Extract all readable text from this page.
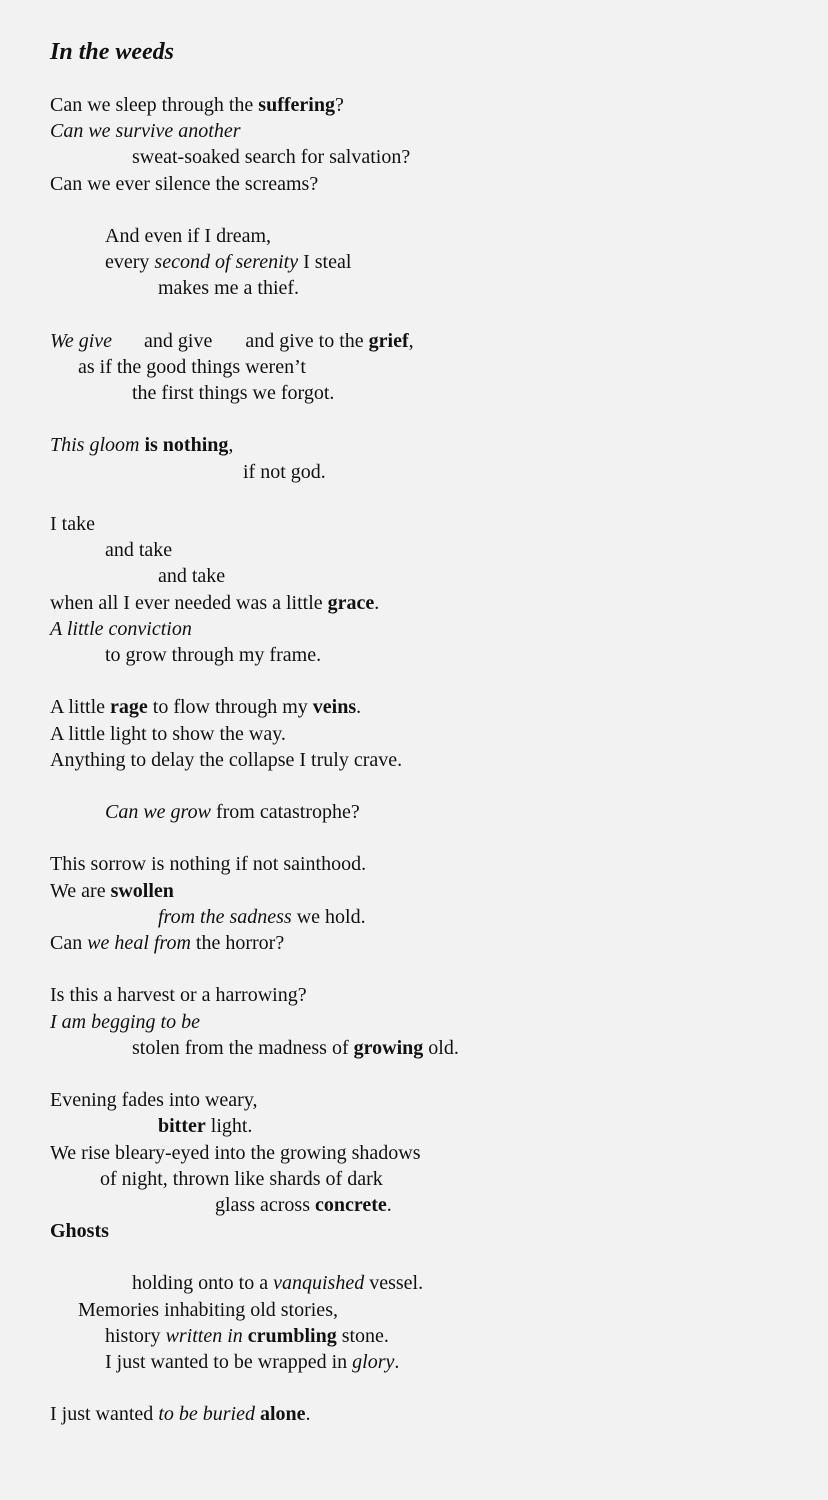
In the weeds
Can we sleep through the suffering?
Can we survive another
sweat-soaked search for salvation?
Can we ever silence the screams?
And even if I dream,
every second of serenity I steal
makes me a thief.
We give and give and give to the grief,
as if the good things weren’t
the first things we forgot.
This gloom is nothing,
if not god.
I take
and take
and take
when all I ever needed was a little grace.
A little conviction
to grow through my frame.
A little rage to flow through my veins.
A little light to show the way.
Anything to delay the collapse I truly crave.
Can we grow from catastrophe?
This sorrow is nothing if not sainthood.
We are swollen
from the sadness we hold.
Can we heal from the horror?
Is this a harvest or a harrowing?
I am begging to be
stolen from the madness of growing old.
Evening fades into weary,
bitter light.
We rise bleary-eyed into the growing shadows
of night, thrown like shards of dark
glass across concrete.
Ghosts
holding onto to a vanquished vessel.
Memories inhabiting old stories,
history written in crumbling stone.
I just wanted to be wrapped in glory.
I just wanted to be buried alone.
